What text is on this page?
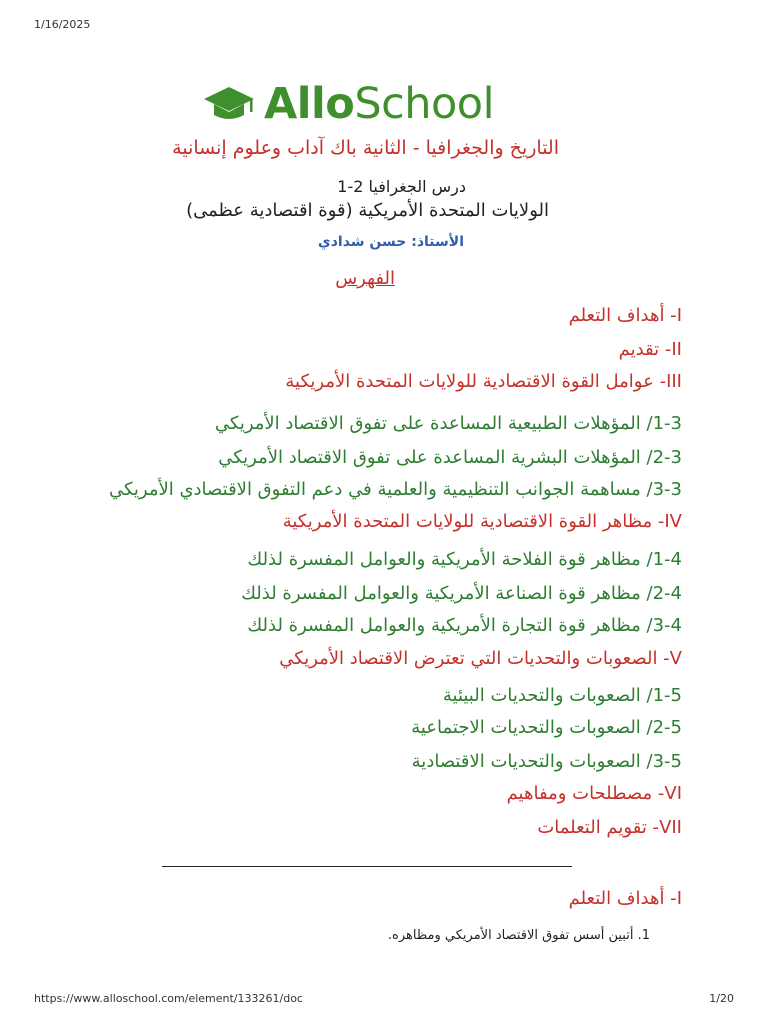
1/16/2025
AlloSchool
التاريخ والجغرافيا - الثانية باك آداب وعلوم إنسانية
درس الجغرافيا 2-1
الولايات المتحدة الأمريكية (قوة اقتصادية عظمى)
الأستاذ: حسن شدادي
الفهرس
I- أهداف التعلم
II- تقديم
III- عوامل القوة الاقتصادية للولايات المتحدة الأمريكية
1-3/ المؤهلات الطبيعية المساعدة على تفوق الاقتصاد الأمريكي
2-3/ المؤهلات البشرية المساعدة على تفوق الاقتصاد الأمريكي
3-3/ مساهمة الجوانب التنظيمية والعلمية في دعم التفوق الاقتصادي الأمريكي
IV- مظاهر القوة الاقتصادية للولايات المتحدة الأمريكية
1-4/ مظاهر قوة الفلاحة الأمريكية والعوامل المفسرة لذلك
2-4/ مظاهر قوة الصناعة الأمريكية والعوامل المفسرة لذلك
3-4/ مظاهر قوة التجارة الأمريكية والعوامل المفسرة لذلك
V- الصعوبات والتحديات التي تعترض الاقتصاد الأمريكي
1-5/ الصعوبات والتحديات البيئية
2-5/ الصعوبات والتحديات الاجتماعية
3-5/ الصعوبات والتحديات الاقتصادية
VI- مصطلحات ومفاهيم
VII- تقويم التعلمات
I- أهداف التعلم
1. أتبين أسس تفوق الاقتصاد الأمريكي ومظاهره.
https://www.alloschool.com/element/133261/doc	1/20
